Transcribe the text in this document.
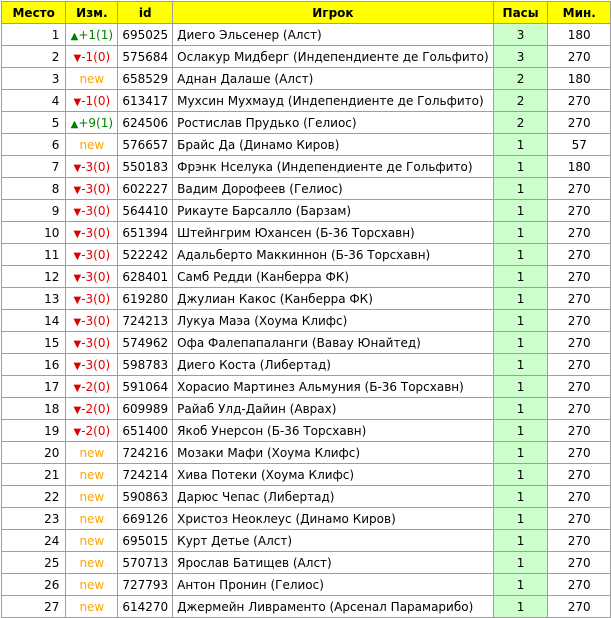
Место	Изм.	id	Игрок	Пасы	Мин.
1	▲+1(1)	695025	Диего Эльсенер (Алст)	3	180
2	▼-1(0)	575684	Ослакур Мидберг (Индепендиенте де Гольфито)	3	270
3	new	658529	Аднан Далаше (Алст)	2	180
4	▼-1(0)	613417	Мухсин Мухмауд (Индепендиенте де Гольфито)	2	270
5	▲+9(1)	624506	Ростислав Прудько (Гелиос)	2	270
6	new	576657	Брайс Да (Динамо Киров)	1	57
7	▼-3(0)	550183	Фрэнк Нселука (Индепендиенте де Гольфито)	1	180
8	▼-3(0)	602227	Вадим Дорофеев (Гелиос)	1	270
9	▼-3(0)	564410	Рикауте Барсалло (Барзам)	1	270
10	▼-3(0)	651394	Штейнгрим Юхансен (Б-36 Торсхавн)	1	270
11	▼-3(0)	522242	Адальберто Маккиннон (Б-36 Торсхавн)	1	270
12	▼-3(0)	628401	Самб Редди (Канберра ФК)	1	270
13	▼-3(0)	619280	Джулиан Какос (Канберра ФК)	1	270
14	▼-3(0)	724213	Лукуа Маэа (Хоума Клифс)	1	270
15	▼-3(0)	574962	Офа Фалепапаланги (Вавау Юнайтед)	1	270
16	▼-3(0)	598783	Диего Коста (Либертад)	1	270
17	▼-2(0)	591064	Хорасио Мартинез Альмуния (Б-36 Торсхавн)	1	270
18	▼-2(0)	609989	Райаб Улд-Дайин (Аврах)	1	270
19	▼-2(0)	651400	Якоб Унерсон (Б-36 Торсхавн)	1	270
20	new	724216	Мозаки Мафи (Хоума Клифс)	1	270
21	new	724214	Хива Потеки (Хоума Клифс)	1	270
22	new	590863	Дарюс Чепас (Либертад)	1	270
23	new	669126	Христоз Неоклеус (Динамо Киров)	1	270
24	new	695015	Курт Детье (Алст)	1	270
25	new	570713	Ярослав Батищев (Алст)	1	270
26	new	727793	Антон Пронин (Гелиос)	1	270
27	new	614270	Джермейн Ливраменто (Арсенал Парамарибо)	1	270
